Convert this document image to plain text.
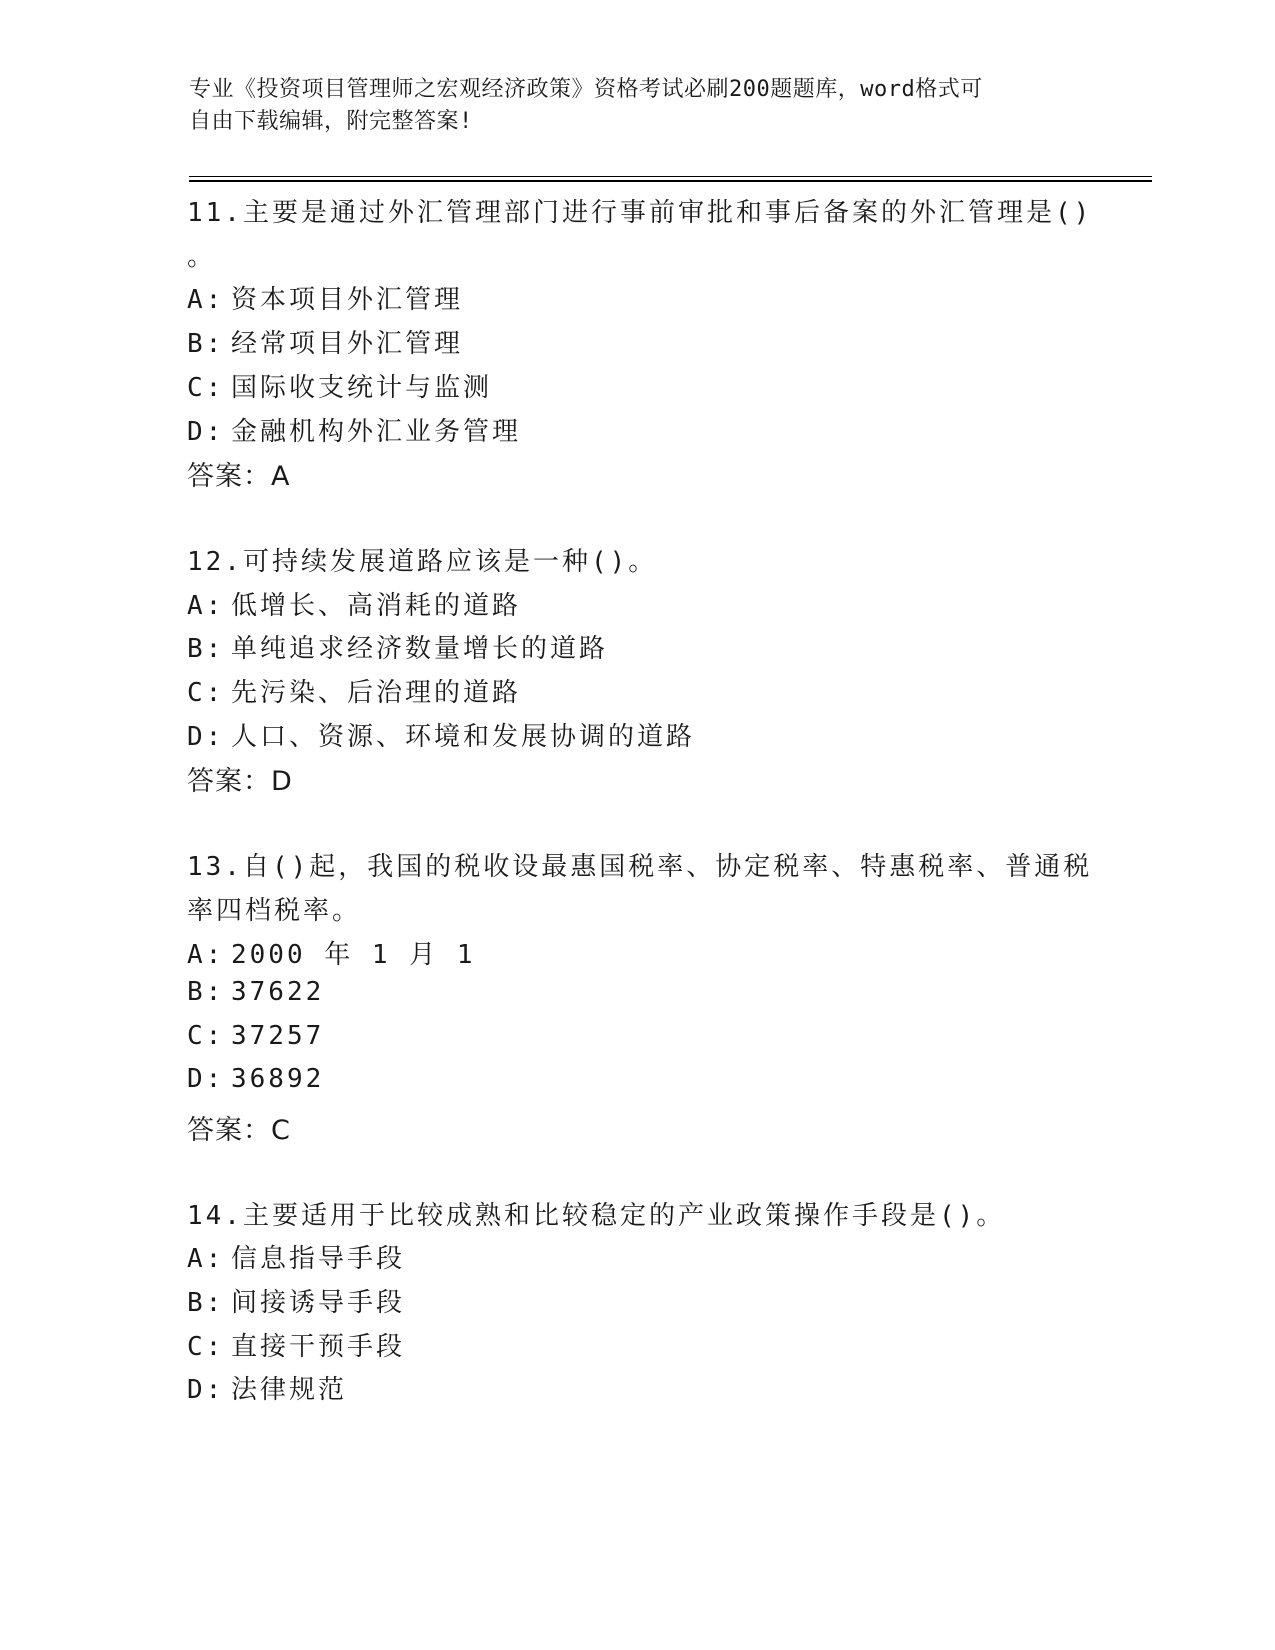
专业《投资项目管理师之宏观经济政策》资格考试必刷200题题库，word格式可
自由下载编辑，附完整答案!
11.主要是通过外汇管理部门进行事前审批和事后备案的外汇管理是()
。
A: 资本项目外汇管理
B: 经常项目外汇管理
C: 国际收支统计与监测
D: 金融机构外汇业务管理
答案：A
12.可持续发展道路应该是一种()。
A: 低增长、高消耗的道路
B: 单纯追求经济数量增长的道路
C: 先污染、后治理的道路
D: 人口、资源、环境和发展协调的道路
答案：D
13.自()起，我国的税收设最惠国税率、协定税率、特惠税率、普通税
率四档税率。
A: 2000 年 1 月 1
B: 37622
C: 37257
D: 36892
答案：C
14.主要适用于比较成熟和比较稳定的产业政策操作手段是()。
A: 信息指导手段
B: 间接诱导手段
C: 直接干预手段
D: 法律规范
